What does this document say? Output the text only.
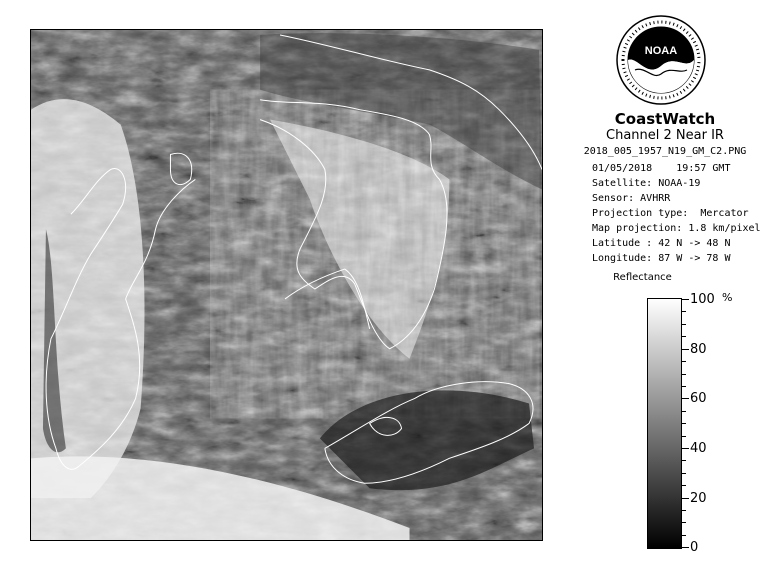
NOAA
CoastWatch
Channel 2 Near IR
2018_005_1957_N19_GM_C2.PNG
01/05/2018    19:57 GMT
Satellite: NOAA-19
Sensor: AVHRR
Projection type:  Mercator
Map projection: 1.8 km/pixel
Latitude : 42 N -> 48 N
Longitude: 87 W -> 78 W
Reflectance
%
100
80
60
40
20
0
